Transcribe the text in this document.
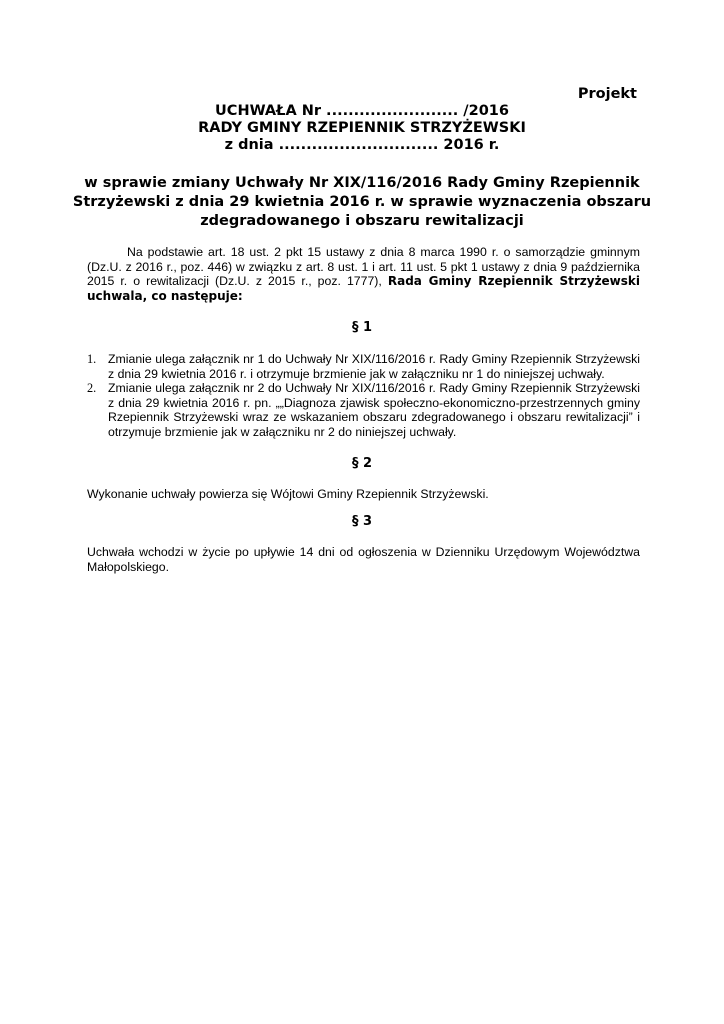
Projekt
UCHWAŁA Nr ........................ /2016
RADY GMINY RZEPIENNIK STRZYŻEWSKI
z dnia ............................. 2016 r.
w sprawie zmiany Uchwały Nr XIX/116/2016 Rady Gminy Rzepiennik
Strzyżewski z dnia 29 kwietnia 2016 r. w sprawie wyznaczenia obszaru
zdegradowanego i obszaru rewitalizacji
Na podstawie art. 18 ust. 2 pkt 15 ustawy z dnia 8 marca 1990 r. o samorządzie gminnym (Dz.U. z 2016 r., poz. 446) w związku z art. 8 ust. 1 i art. 11 ust. 5 pkt 1 ustawy z dnia 9 października 2015 r. o rewitalizacji (Dz.U. z 2015 r., poz. 1777), Rada Gminy Rzepiennik Strzyżewski uchwala, co następuje:
§ 1
1. Zmianie ulega załącznik nr 1 do Uchwały Nr XIX/116/2016 r. Rady Gminy Rzepiennik Strzyżewski z dnia 29 kwietnia 2016 r. i otrzymuje brzmienie jak w załączniku nr 1 do niniejszej uchwały.
2. Zmianie ulega załącznik nr 2 do Uchwały Nr XIX/116/2016 r. Rady Gminy Rzepiennik Strzyżewski z dnia 29 kwietnia 2016 r. pn. „„Diagnoza zjawisk społeczno-ekonomiczno-przestrzennych gminy Rzepiennik Strzyżewski wraz ze wskazaniem obszaru zdegradowanego i obszaru rewitalizacji” i otrzymuje brzmienie jak w załączniku nr 2 do niniejszej uchwały.
§ 2
Wykonanie uchwały powierza się Wójtowi Gminy Rzepiennik Strzyżewski.
§ 3
Uchwała wchodzi w życie po upływie 14 dni od ogłoszenia w Dzienniku Urzędowym Województwa Małopolskiego.
